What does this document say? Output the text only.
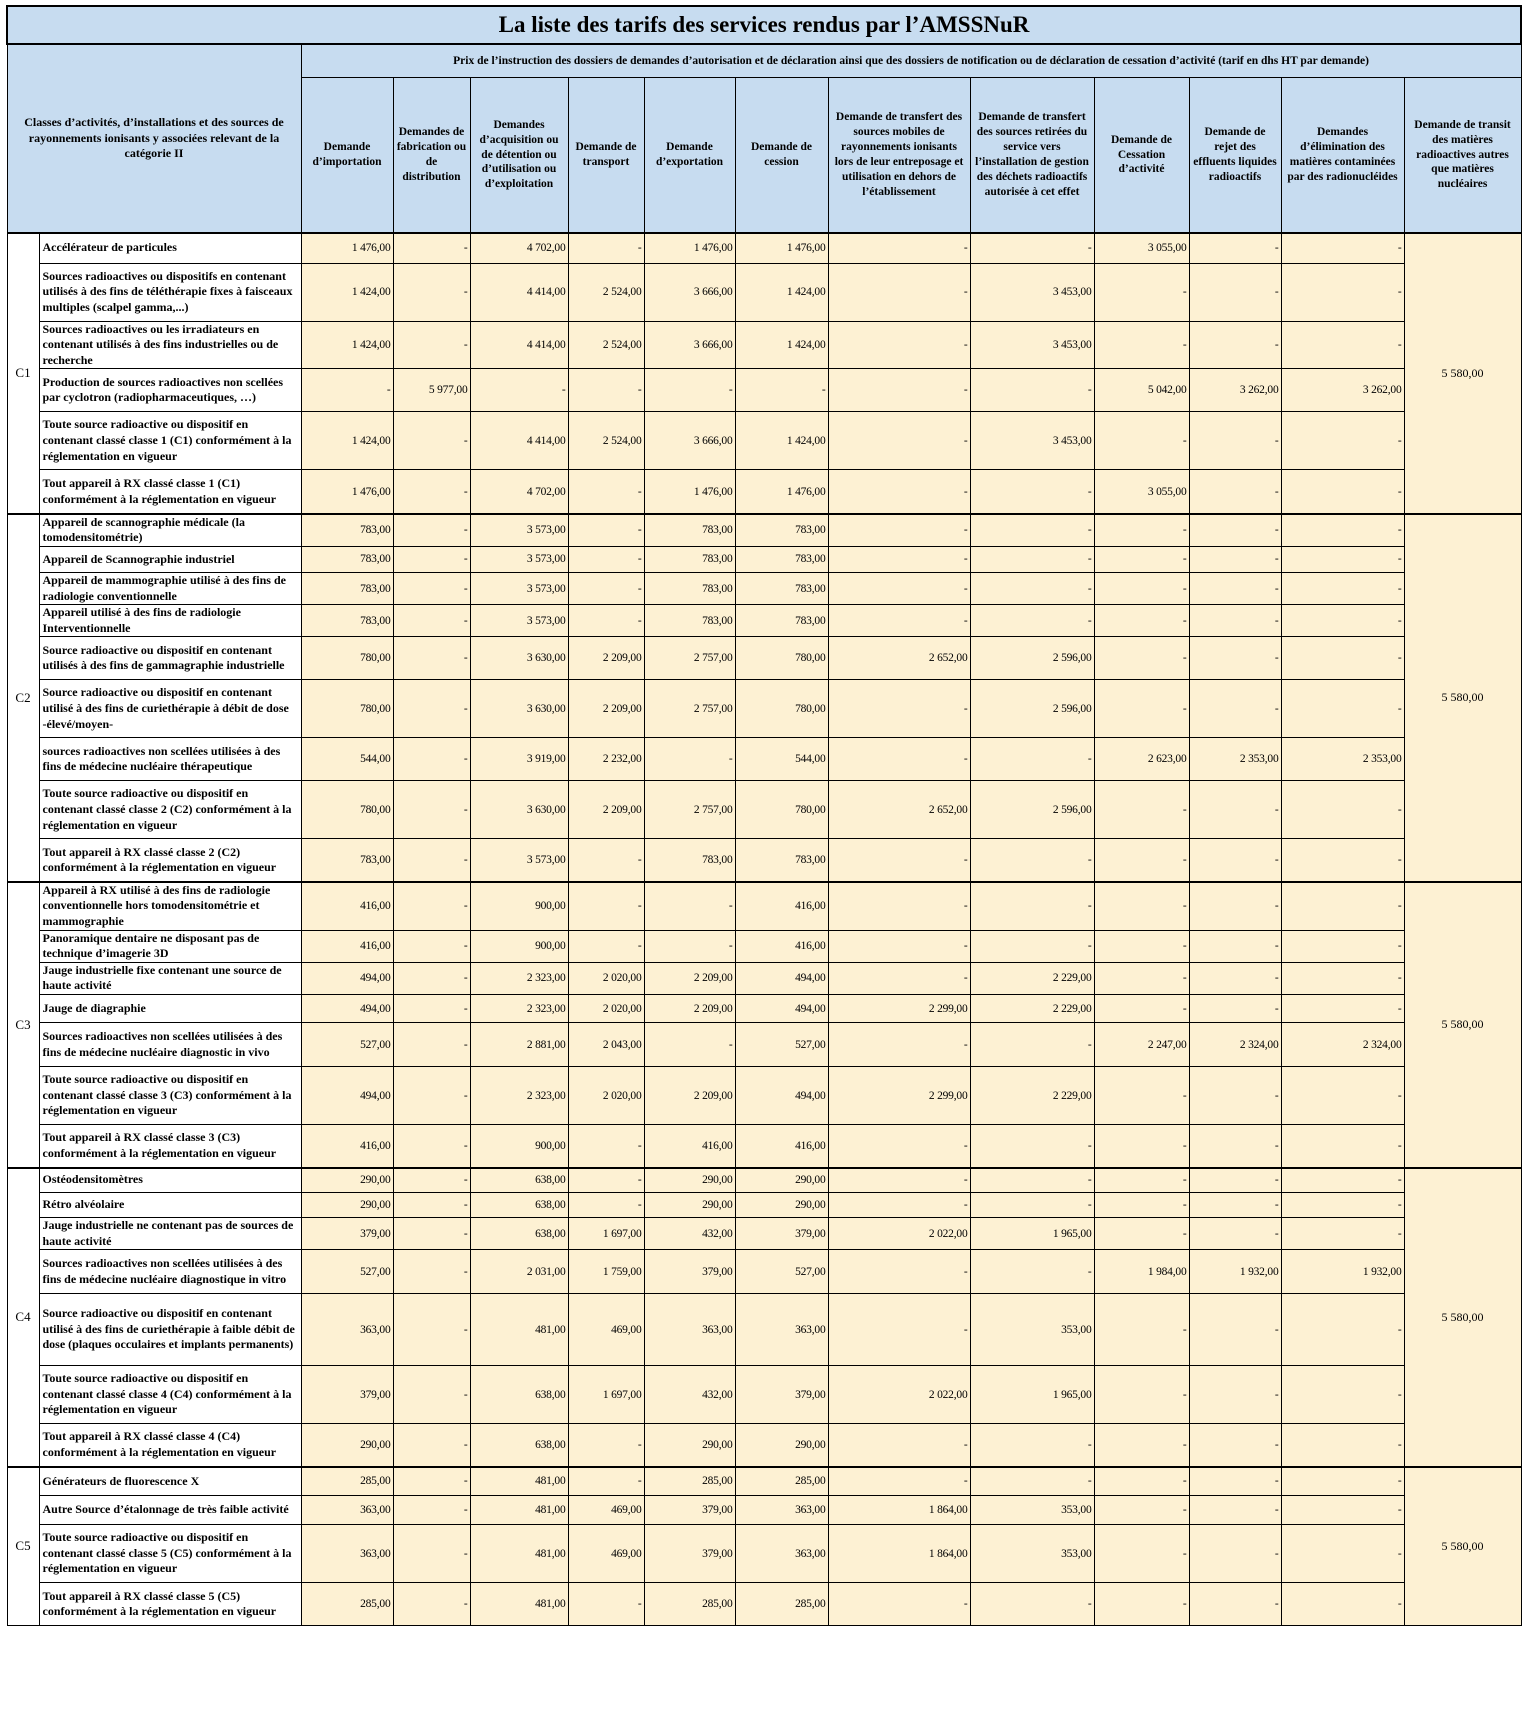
La liste des tarifs des services rendus par l’AMSSNuR													
Classes d’activités, d’installations et des sources de rayonnements ionisants y associées relevant de la catégorie II		Prix de l’instruction des dossiers de demandes d’autorisation et de déclaration ainsi que des dossiers de notification ou de déclaration de cessation d’activité (tarif en dhs HT par demande)											
		Demande d’importation	Demandes de fabrication ou de distribution	Demandes d’acquisition ou de détention ou d’utilisation ou d’exploitation	Demande de transport	Demande d’exportation	Demande de cession	Demande de transfert des sources mobiles de rayonnements ionisants lors de leur entreposage et utilisation en dehors de l’établissement	Demande de transfert des sources retirées du service vers l’installation de gestion des déchets radioactifs autorisée à cet effet	Demande de Cessation d’activité	Demande de rejet des effluents liquides radioactifs	Demandes d’élimination des matières contaminées par des radionucléides	Demande de transit des matières radioactives autres que matières nucléaires
C1	Accélérateur de particules	1 476,00	-	4 702,00	-	1 476,00	1 476,00	-	-	3 055,00	-	-	5 580,00
	Sources radioactives ou dispositifs en contenant utilisés à des fins de téléthérapie fixes à faisceaux multiples (scalpel gamma,...)	1 424,00	-	4 414,00	2 524,00	3 666,00	1 424,00	-	3 453,00	-	-	-	
	Sources radioactives ou les irradiateurs en contenant utilisés à des fins industrielles ou de recherche	1 424,00	-	4 414,00	2 524,00	3 666,00	1 424,00	-	3 453,00	-	-	-	
	Production de sources radioactives non scellées par cyclotron (radiopharmaceutiques, …)	-	5 977,00	-	-	-	-	-	-	5 042,00	3 262,00	3 262,00	
	Toute source radioactive ou dispositif en contenant classé classe 1 (C1) conformément à la réglementation en vigueur	1 424,00	-	4 414,00	2 524,00	3 666,00	1 424,00	-	3 453,00	-	-	-	
	Tout appareil à RX classé classe 1 (C1) conformément à la réglementation en vigueur	1 476,00	-	4 702,00	-	1 476,00	1 476,00	-	-	3 055,00	-	-	
C2	Appareil de scannographie médicale (la tomodensitométrie)	783,00	-	3 573,00	-	783,00	783,00	-	-	-	-	-	5 580,00
	Appareil de Scannographie industriel	783,00	-	3 573,00	-	783,00	783,00	-	-	-	-	-	
	Appareil de mammographie utilisé à des fins de radiologie conventionnelle	783,00	-	3 573,00	-	783,00	783,00	-	-	-	-	-	
	Appareil utilisé à des fins de radiologie Interventionnelle	783,00	-	3 573,00	-	783,00	783,00	-	-	-	-	-	
	Source radioactive ou dispositif en contenant utilisés à des fins de gammagraphie industrielle	780,00	-	3 630,00	2 209,00	2 757,00	780,00	2 652,00	2 596,00	-	-	-	
	Source radioactive ou dispositif en contenant utilisé à des fins de curiethérapie à débit de dose -élevé/moyen-	780,00	-	3 630,00	2 209,00	2 757,00	780,00	-	2 596,00	-	-	-	
	sources radioactives non scellées utilisées à des fins de médecine nucléaire thérapeutique	544,00	-	3 919,00	2 232,00	-	544,00	-	-	2 623,00	2 353,00	2 353,00	
	Toute source radioactive ou dispositif en contenant classé classe 2 (C2) conformément à la réglementation en vigueur	780,00	-	3 630,00	2 209,00	2 757,00	780,00	2 652,00	2 596,00	-	-	-	
	Tout appareil à RX classé classe 2 (C2) conformément à la réglementation en vigueur	783,00	-	3 573,00	-	783,00	783,00	-	-	-	-	-	
C3	Appareil à RX utilisé à des fins de radiologie conventionnelle hors tomodensitométrie et mammographie	416,00	-	900,00	-	-	416,00	-	-	-	-	-	5 580,00
	Panoramique dentaire ne disposant pas de technique d’imagerie 3D	416,00	-	900,00	-	-	416,00	-	-	-	-	-	
	Jauge industrielle fixe contenant une source de haute activité	494,00	-	2 323,00	2 020,00	2 209,00	494,00	-	2 229,00	-	-	-	
	Jauge de diagraphie	494,00	-	2 323,00	2 020,00	2 209,00	494,00	2 299,00	2 229,00	-	-	-	
	Sources radioactives non scellées utilisées à des fins de médecine nucléaire diagnostic in vivo	527,00	-	2 881,00	2 043,00	-	527,00	-	-	2 247,00	2 324,00	2 324,00	
	Toute source radioactive ou dispositif en contenant classé classe 3 (C3) conformément à la réglementation en vigueur	494,00	-	2 323,00	2 020,00	2 209,00	494,00	2 299,00	2 229,00	-	-	-	
	Tout appareil à RX classé classe 3 (C3) conformément à la réglementation en vigueur	416,00	-	900,00	-	416,00	416,00	-	-	-	-	-	
C4	Ostéodensitomètres	290,00	-	638,00	-	290,00	290,00	-	-	-	-	-	5 580,00
	Rétro alvéolaire	290,00	-	638,00	-	290,00	290,00	-	-	-	-	-	
	Jauge industrielle ne contenant pas de sources de haute activité	379,00	-	638,00	1 697,00	432,00	379,00	2 022,00	1 965,00	-	-	-	
	Sources radioactives non scellées utilisées à des fins de médecine nucléaire diagnostique in vitro	527,00	-	2 031,00	1 759,00	379,00	527,00	-	-	1 984,00	1 932,00	1 932,00	
	Source radioactive ou dispositif en contenant utilisé à des fins de curiethérapie à faible débit de dose (plaques occulaires et implants permanents)	363,00	-	481,00	469,00	363,00	363,00	-	353,00	-	-	-	
	Toute source radioactive ou dispositif en contenant classé classe 4 (C4) conformément à la réglementation en vigueur	379,00	-	638,00	1 697,00	432,00	379,00	2 022,00	1 965,00	-	-	-	
	Tout appareil à RX classé classe 4 (C4) conformément à la réglementation en vigueur	290,00	-	638,00	-	290,00	290,00	-	-	-	-	-	
C5	Générateurs de fluorescence X	285,00	-	481,00	-	285,00	285,00	-	-	-	-	-	5 580,00
	Autre Source d’étalonnage de très faible activité	363,00	-	481,00	469,00	379,00	363,00	1 864,00	353,00	-	-	-	
	Toute source radioactive ou dispositif en contenant classé classe 5 (C5) conformément à la réglementation en vigueur	363,00	-	481,00	469,00	379,00	363,00	1 864,00	353,00	-	-	-	
	Tout appareil à RX classé classe 5 (C5) conformément à la réglementation en vigueur	285,00	-	481,00	-	285,00	285,00	-	-	-	-	-	
